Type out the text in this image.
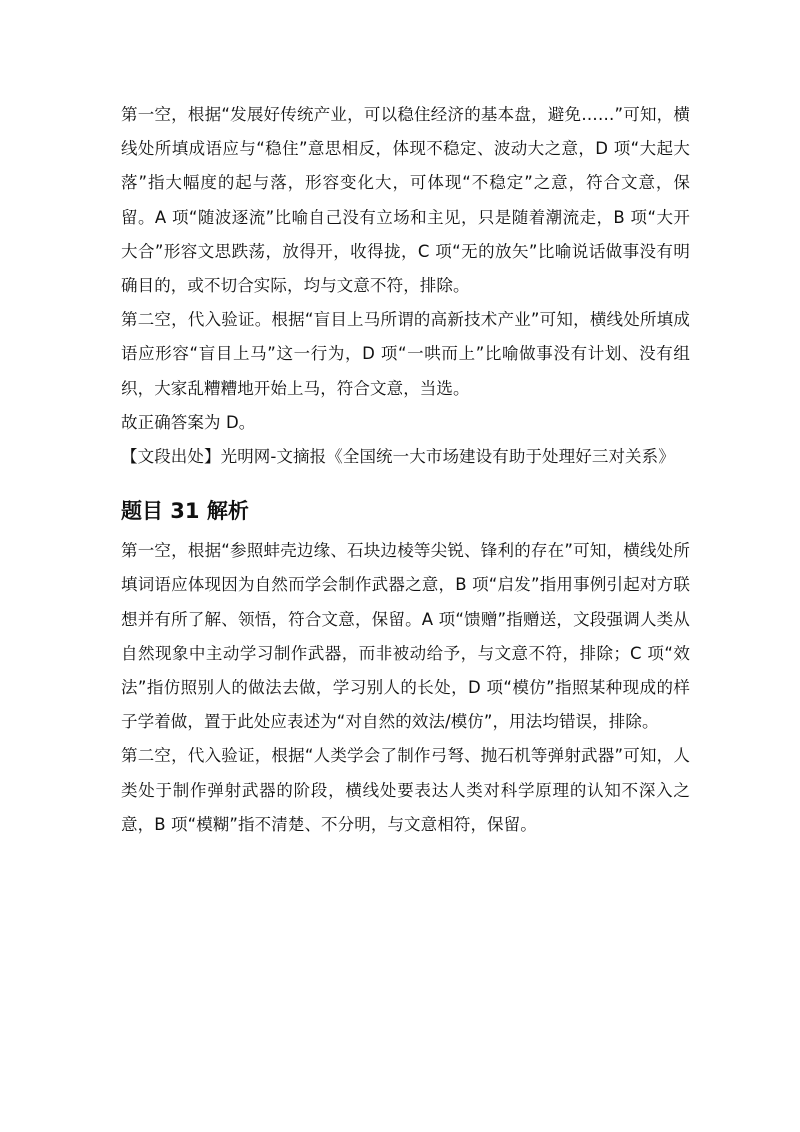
第一空，根据“发展好传统产业，可以稳住经济的基本盘，避免……”可知，横线处所填成语应与“稳住”意思相反，体现不稳定、波动大之意，D 项“大起大落”指大幅度的起与落，形容变化大，可体现“不稳定”之意，符合文意，保留。A 项“随波逐流”比喻自己没有立场和主见，只是随着潮流走，B 项“大开大合”形容文思跌荡，放得开，收得拢，C 项“无的放矢”比喻说话做事没有明确目的，或不切合实际，均与文意不符，排除。

第二空，代入验证。根据“盲目上马所谓的高新技术产业”可知，横线处所填成语应形容“盲目上马”这一行为，D 项“一哄而上”比喻做事没有计划、没有组织，大家乱糟糟地开始上马，符合文意，当选。

故正确答案为 D。

【文段出处】光明网-文摘报《全国统一大市场建设有助于处理好三对关系》

题目 31 解析

第一空，根据“参照蚌壳边缘、石块边棱等尖锐、锋利的存在”可知，横线处所填词语应体现因为自然而学会制作武器之意，B 项“启发”指用事例引起对方联想并有所了解、领悟，符合文意，保留。A 项“馈赠”指赠送，文段强调人类从自然现象中主动学习制作武器，而非被动给予，与文意不符，排除；C 项“效法”指仿照别人的做法去做，学习别人的长处，D 项“模仿”指照某种现成的样子学着做，置于此处应表述为“对自然的效法/模仿”，用法均错误，排除。

第二空，代入验证，根据“人类学会了制作弓弩、抛石机等弹射武器”可知，人类处于制作弹射武器的阶段，横线处要表达人类对科学原理的认知不深入之意，B 项“模糊”指不清楚、不分明，与文意相符，保留。
